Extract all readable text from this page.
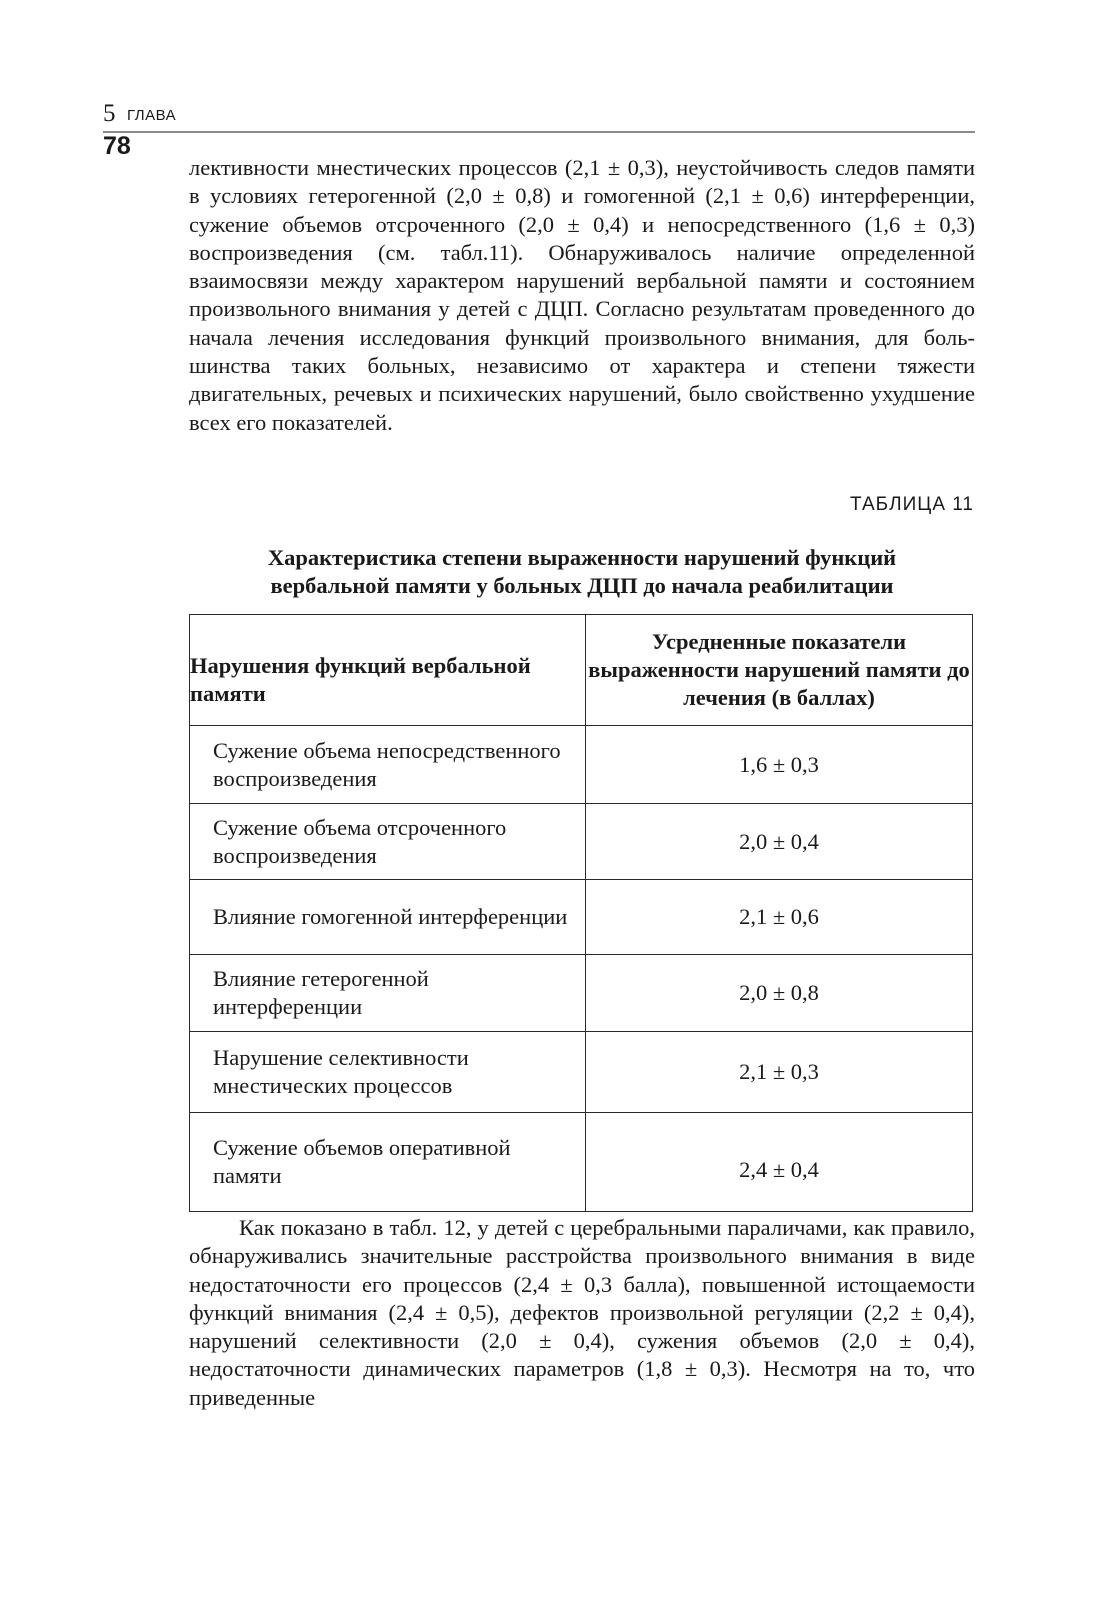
5 ГЛАВА
78

лективности мнестических процессов (2,1 ± 0,3), неустойчивость следов памяти в условиях гетерогенной (2,0 ± 0,8) и гомогенной (2,1 ± 0,6) интерференции, сужение объемов отсроченного (2,0 ± 0,4) и непосредственного (1,6 ± 0,3) воспроизведения (см. табл.11). Обнаруживалось наличие определенной взаимосвязи между характером нарушений вербальной памяти и состоянием произвольного внимания у детей с ДЦП. Согласно результатам проведенного до начала лечения исследования функций произвольного внимания, для большинства таких больных, независимо от характера и степени тяжести двигательных, речевых и психических нарушений, было свойственно ухудшение всех его показателей.

ТАБЛИЦА 11
Характеристика степени выраженности нарушений функций
вербальной памяти у больных ДЦП до начала реабилитации
Нарушения функций вербальной памяти	Усредненные показатели выраженности нарушений памяти до лечения (в баллах)
Сужение объема непосредственного воспроизведения	1,6 ± 0,3
Сужение объема отсроченного воспроизведения	2,0 ± 0,4
Влияние гомогенной интерференции	2,1 ± 0,6
Влияние гетерогенной интерференции	2,0 ± 0,8
Нарушение селективности мнестических процессов	2,1 ± 0,3
Сужение объемов оперативной памяти	2,4 ± 0,4

Как показано в табл. 12, у детей с церебральными параличами, как правило, обнаруживались значительные расстройства произвольного внимания в виде недостаточности его процессов (2,4 ± 0,3 балла), повышенной истощаемости функций внимания (2,4 ± 0,5), дефектов произвольной регуляции (2,2 ± 0,4), нарушений селективности (2,0 ± 0,4), сужения объемов (2,0 ± 0,4), недостаточности динамических параметров (1,8 ± 0,3). Несмотря на то, что приведенные
